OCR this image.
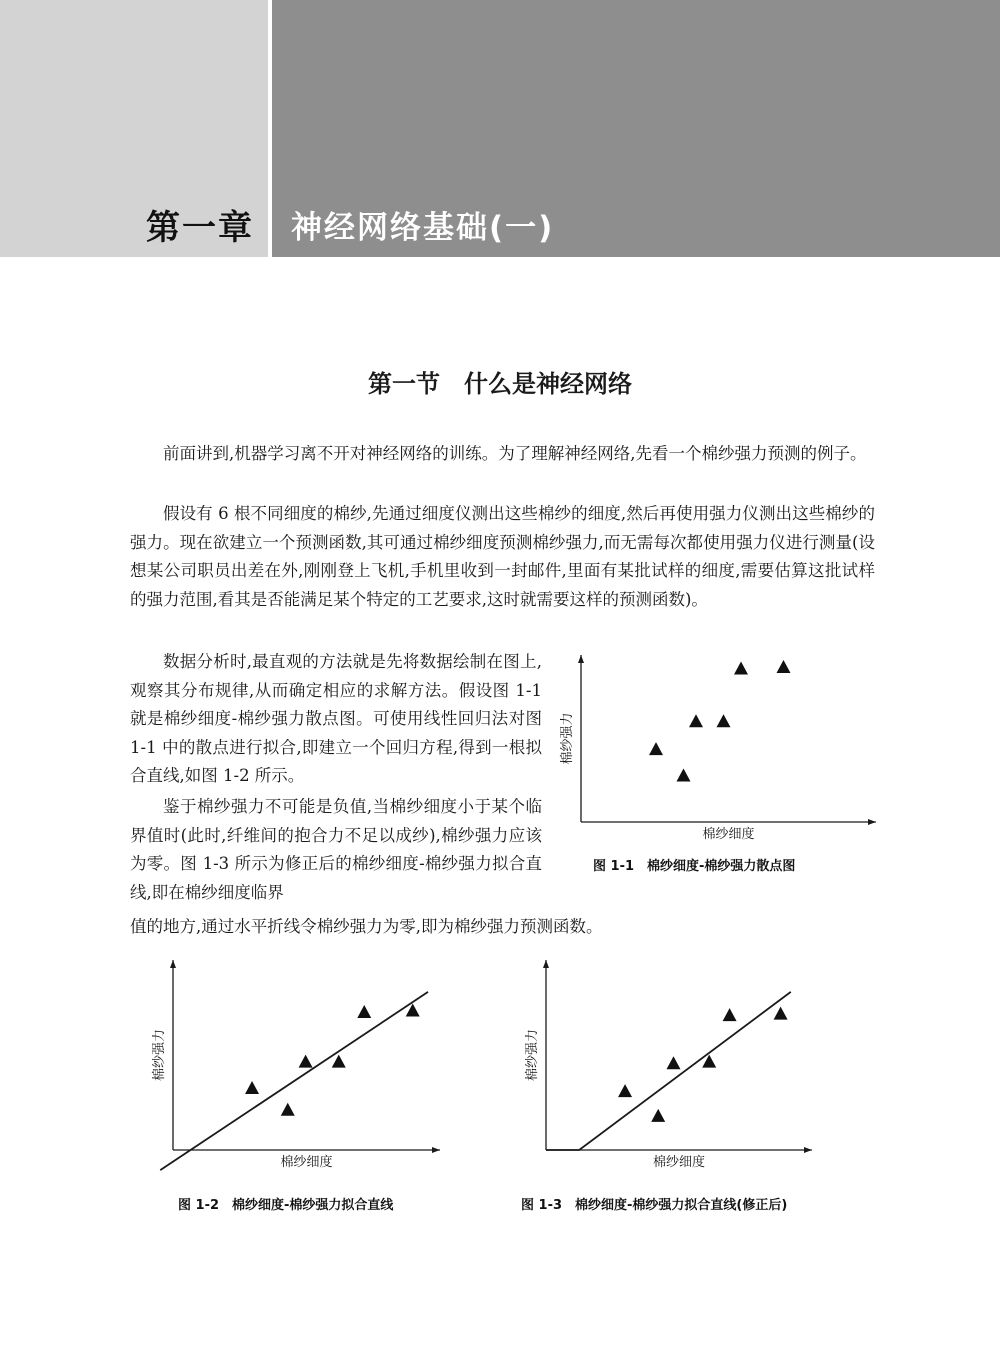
第一章 神经网络基础(一)
第一节　什么是神经网络

前面讲到,机器学习离不开对神经网络的训练。为了理解神经网络,先看一个棉纱强力预测的例子。

假设有 6 根不同细度的棉纱,先通过细度仪测出这些棉纱的细度,然后再使用强力仪测出这些棉纱的强力。现在欲建立一个预测函数,其可通过棉纱细度预测棉纱强力,而无需每次都使用强力仪进行测量(设想某公司职员出差在外,刚刚登上飞机,手机里收到一封邮件,里面有某批试样的细度,需要估算这批试样的强力范围,看其是否能满足某个特定的工艺要求,这时就需要这样的预测函数)。

数据分析时,最直观的方法就是先将数据绘制在图上,观察其分布规律,从而确定相应的求解方法。假设图 1-1 就是棉纱细度-棉纱强力散点图。可使用线性回归法对图 1-1 中的散点进行拟合,即建立一个回归方程,得到一根拟合直线,如图 1-2 所示。

鉴于棉纱强力不可能是负值,当棉纱细度小于某个临界值时(此时,纤维间的抱合力不足以成纱),棉纱强力应该为零。图 1-3 所示为修正后的棉纱细度-棉纱强力拟合直线,即在棉纱细度临界

值的地方,通过水平折线令棉纱强力为零,即为棉纱强力预测函数。

棉纱细度
棉纱强力
棉纱细度
棉纱强力
棉纱细度
棉纱强力
图 1-1　棉纱细度-棉纱强力散点图
图 1-2　棉纱细度-棉纱强力拟合直线	图 1-3　棉纱细度-棉纱强力拟合直线(修正后)
